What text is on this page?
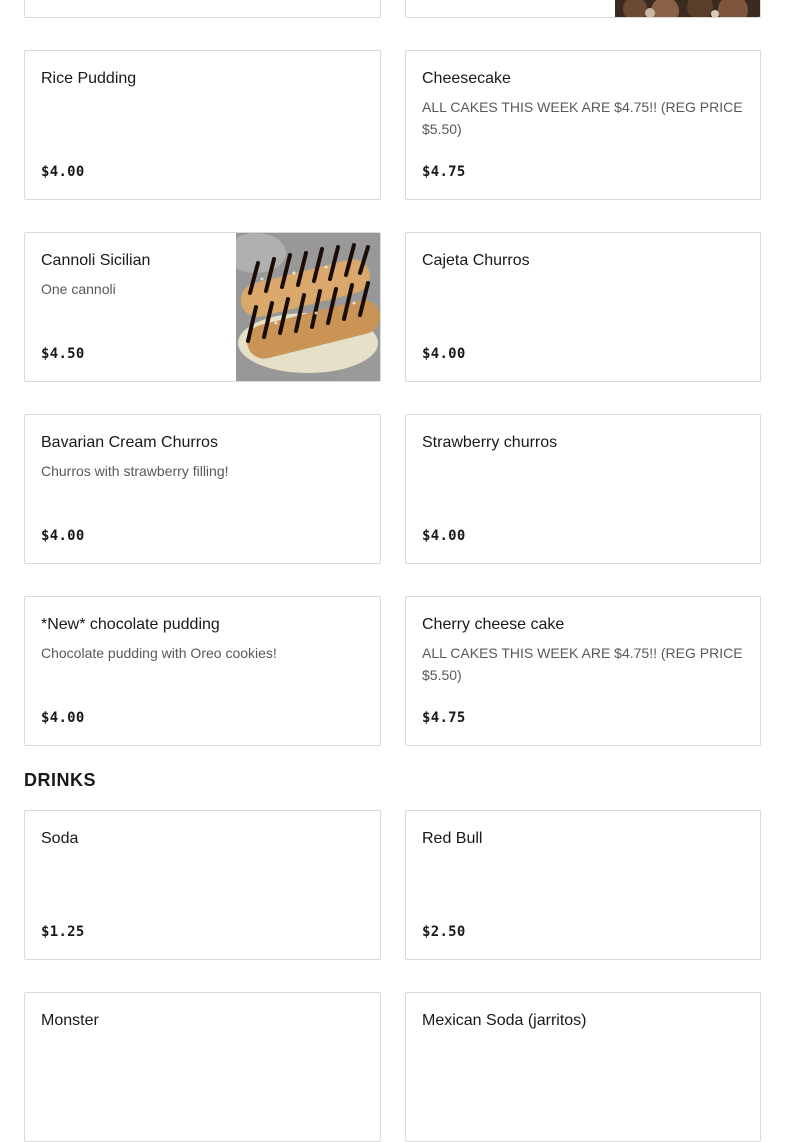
Rice Pudding
$4.00
Cheesecake
ALL CAKES THIS WEEK ARE $4.75!! (REG PRICE $5.50)
$4.75
Cannoli Sicilian
One cannoli
$4.50
Cajeta Churros
$4.00
Bavarian Cream Churros
Churros with strawberry filling!
$4.00
Strawberry churros
$4.00
*New* chocolate pudding
Chocolate pudding with Oreo cookies!
$4.00
Cherry cheese cake
ALL CAKES THIS WEEK ARE $4.75!! (REG PRICE $5.50)
$4.75
DRINKS
Soda
$1.25
Red Bull
$2.50
Monster	Mexican Soda (jarritos)
